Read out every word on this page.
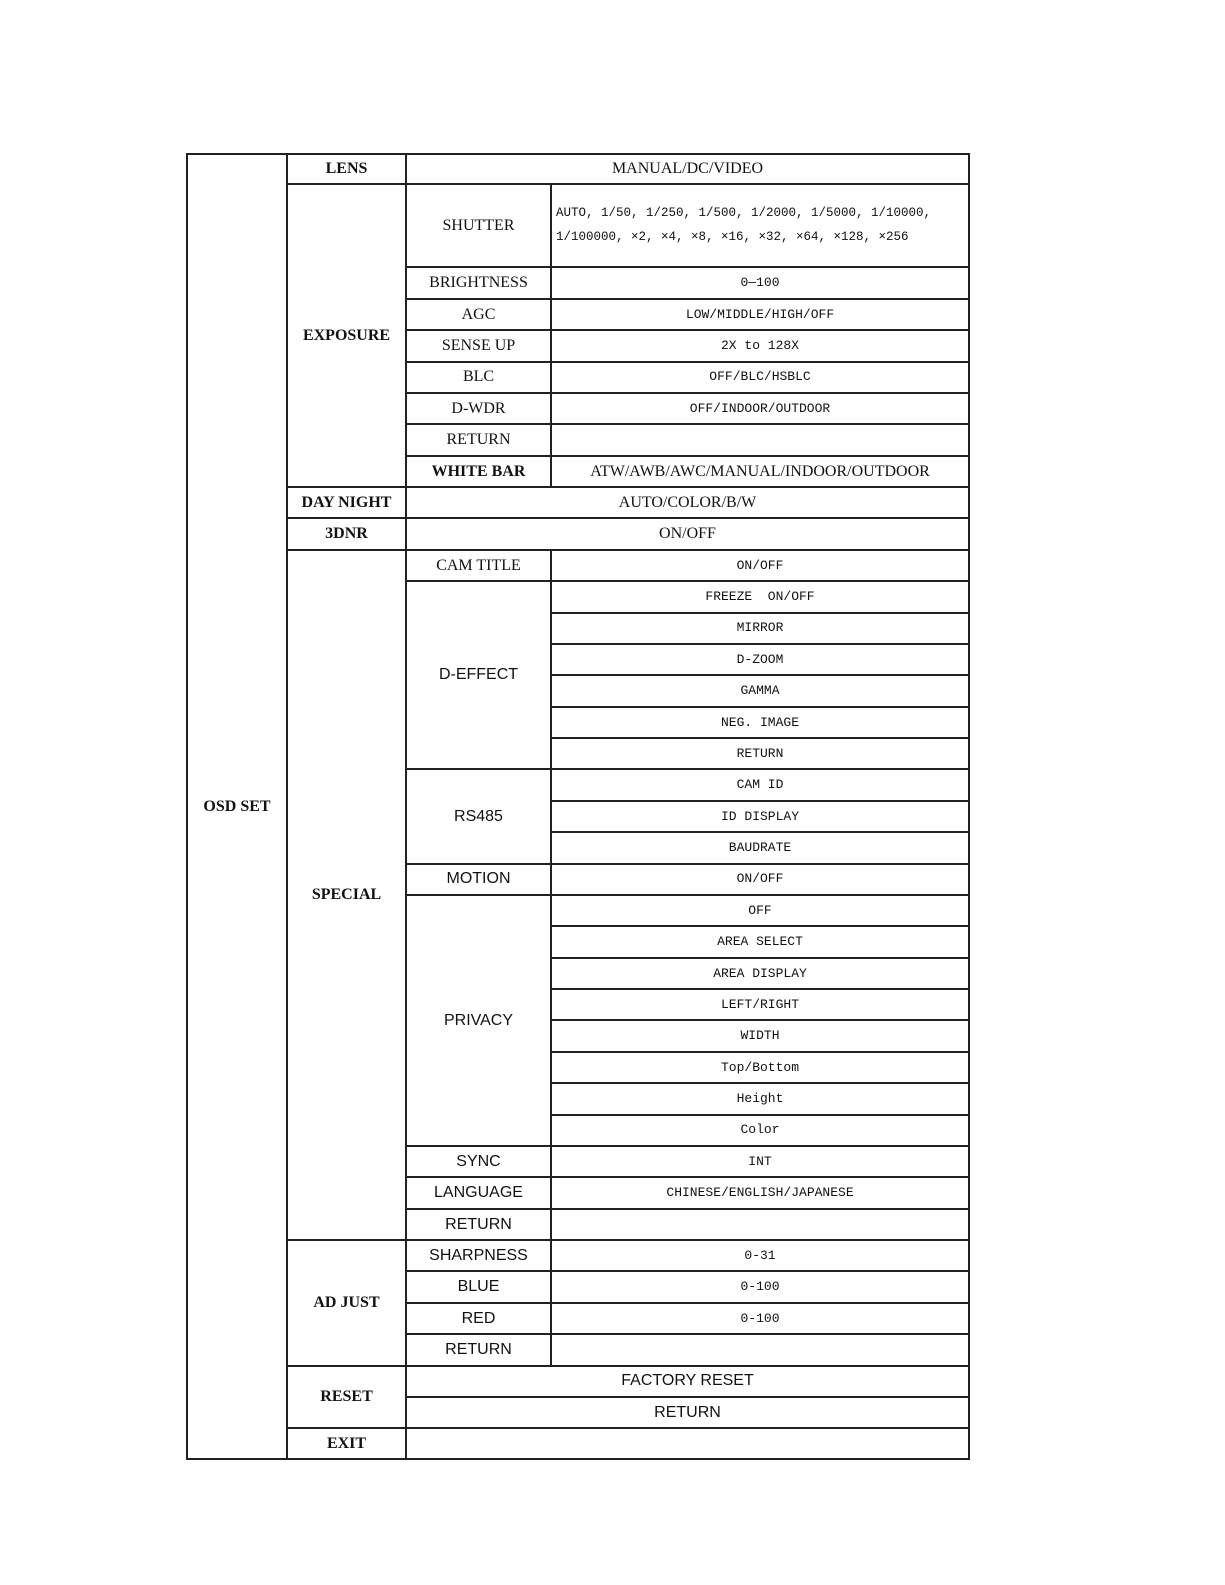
OSD SET	LENS	MANUAL/DC/VIDEO	
	EXPOSURE	SHUTTER	AUTO, 1/50, 1/250, 1/500, 1/2000, 1/5000, 1/10000,
1/100000, ×2, ×4, ×8, ×16, ×32, ×64, ×128, ×256

		BRIGHTNESS	0—100
		AGC	LOW/MIDDLE/HIGH/OFF
		SENSE UP	2X to 128X
		BLC	OFF/BLC/HSBLC
		D-WDR	OFF/INDOOR/OUTDOOR
		RETURN	
		WHITE BAR	ATW/AWB/AWC/MANUAL/INDOOR/OUTDOOR
	DAY NIGHT	AUTO/COLOR/B/W	
	3DNR	ON/OFF	
	SPECIAL	CAM TITLE	ON/OFF
		D-EFFECT	FREEZE  ON/OFF
			MIRROR
			D-ZOOM
			GAMMA
			NEG. IMAGE
			RETURN
		RS485	CAM ID
			ID DISPLAY
			BAUDRATE
		MOTION	ON/OFF
		PRIVACY	OFF
			AREA SELECT
			AREA DISPLAY
			LEFT/RIGHT
			WIDTH
			Top/Bottom
			Height
			Color
		SYNC	INT
		LANGUAGE	CHINESE/ENGLISH/JAPANESE
		RETURN	
	AD JUST	SHARPNESS	0-31
		BLUE	0-100
		RED	0-100
		RETURN	
	RESET	FACTORY RESET	
		RETURN	
	EXIT		
